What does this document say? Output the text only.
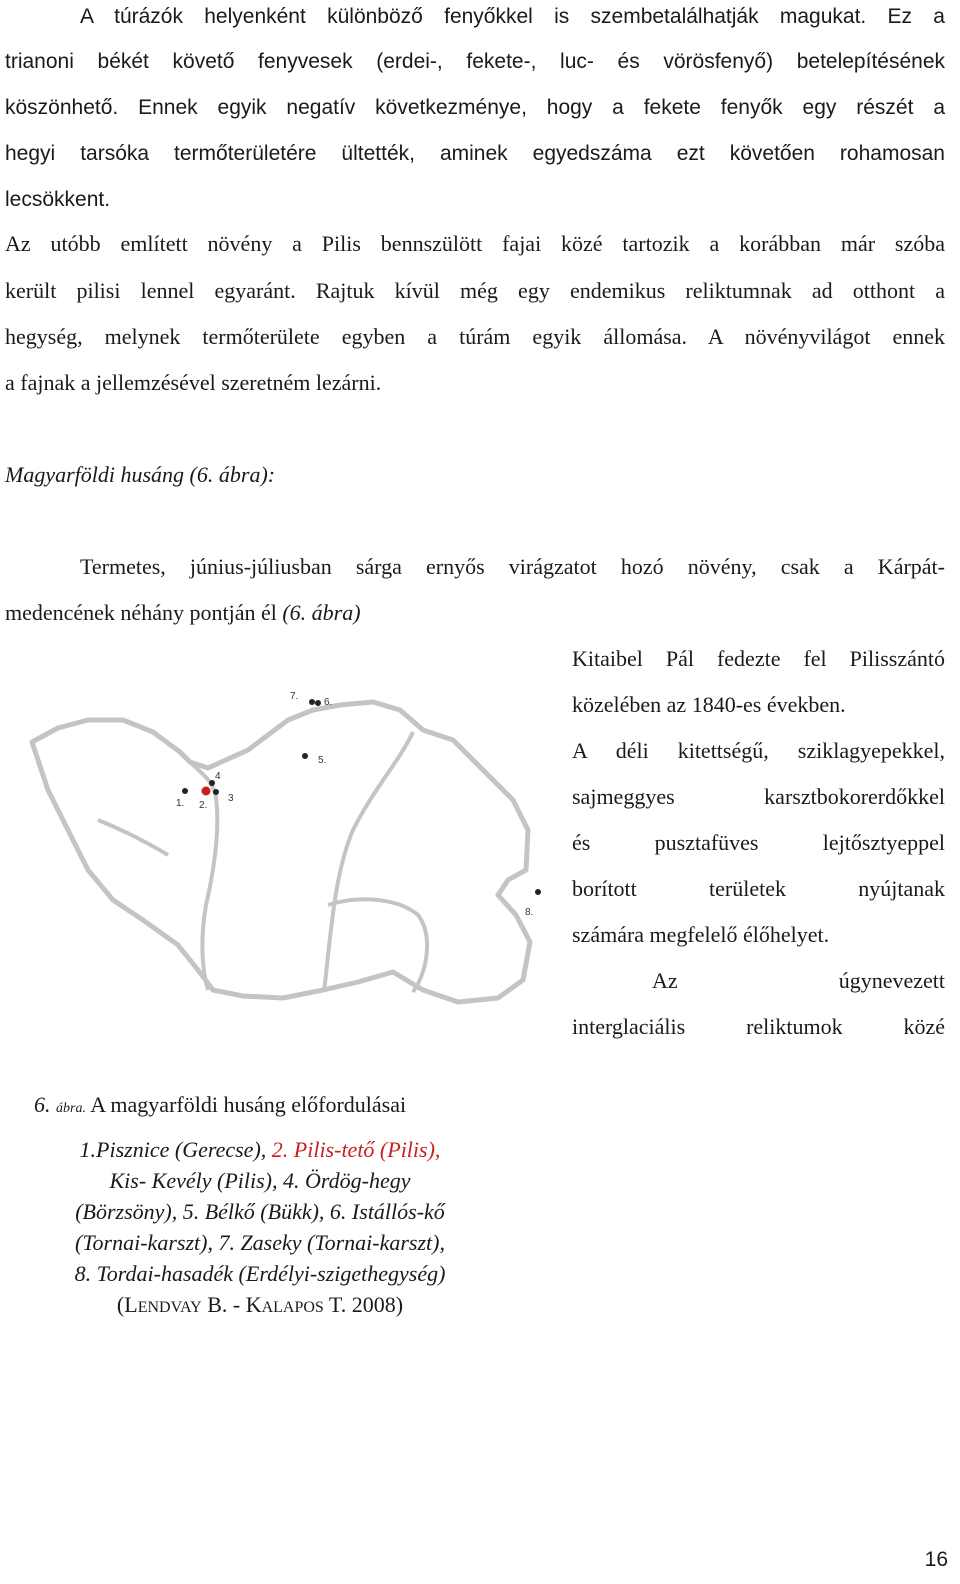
A túrázók helyenként különböző fenyőkkel is szembetalálhatják magukat. Ez a
trianoni békét követő fenyvesek (erdei-, fekete-, luc- és vörösfenyő) betelepítésének
köszönhető. Ennek egyik negatív következménye, hogy a fekete fenyők egy részét a
hegyi tarsóka termőterületére ültették, aminek egyedszáma ezt követően rohamosan
lecsökkent.
Az utóbb említett növény a Pilis bennszülött fajai közé tartozik a korábban már szóba
került pilisi lennel egyaránt. Rajtuk kívül még egy endemikus reliktumnak ad otthont a
hegység, melynek termőterülete egyben a túrám egyik állomása. A növényvilágot ennek
a fajnak a jellemzésével szeretném lezárni.
Magyarföldi husáng (6. ábra):
Termetes, június-júliusban sárga ernyős virágzatot hozó növény, csak a Kárpát-
medencének néhány pontján él (6. ábra)
Kitaibel Pál fedezte fel Pilisszántó
közelében az 1840-es években.
A déli kitettségű, sziklagyepekkel,
sajmeggyes karsztbokorerdőkkel
és pusztafüves lejtősztyeppel
borított területek nyújtanak
számára megfelelő élőhelyet.
Az úgynevezett
interglaciális reliktumok közé
1. 2.
3
4
5.
6.
7.
8.
6. ábra. A magyarföldi husáng előfordulásai
1.Pisznice (Gerecse), 2. Pilis-tető (Pilis),
Kis- Kevély (Pilis), 4. Ördög-hegy
(Börzsöny), 5. Bélkő (Bükk), 6. Istállós-kő
(Tornai-karszt), 7. Zaseky (Tornai-karszt),
8. Tordai-hasadék (Erdélyi-szigethegység)
(LENDVAY B. - KALAPOS T. 2008)
16
